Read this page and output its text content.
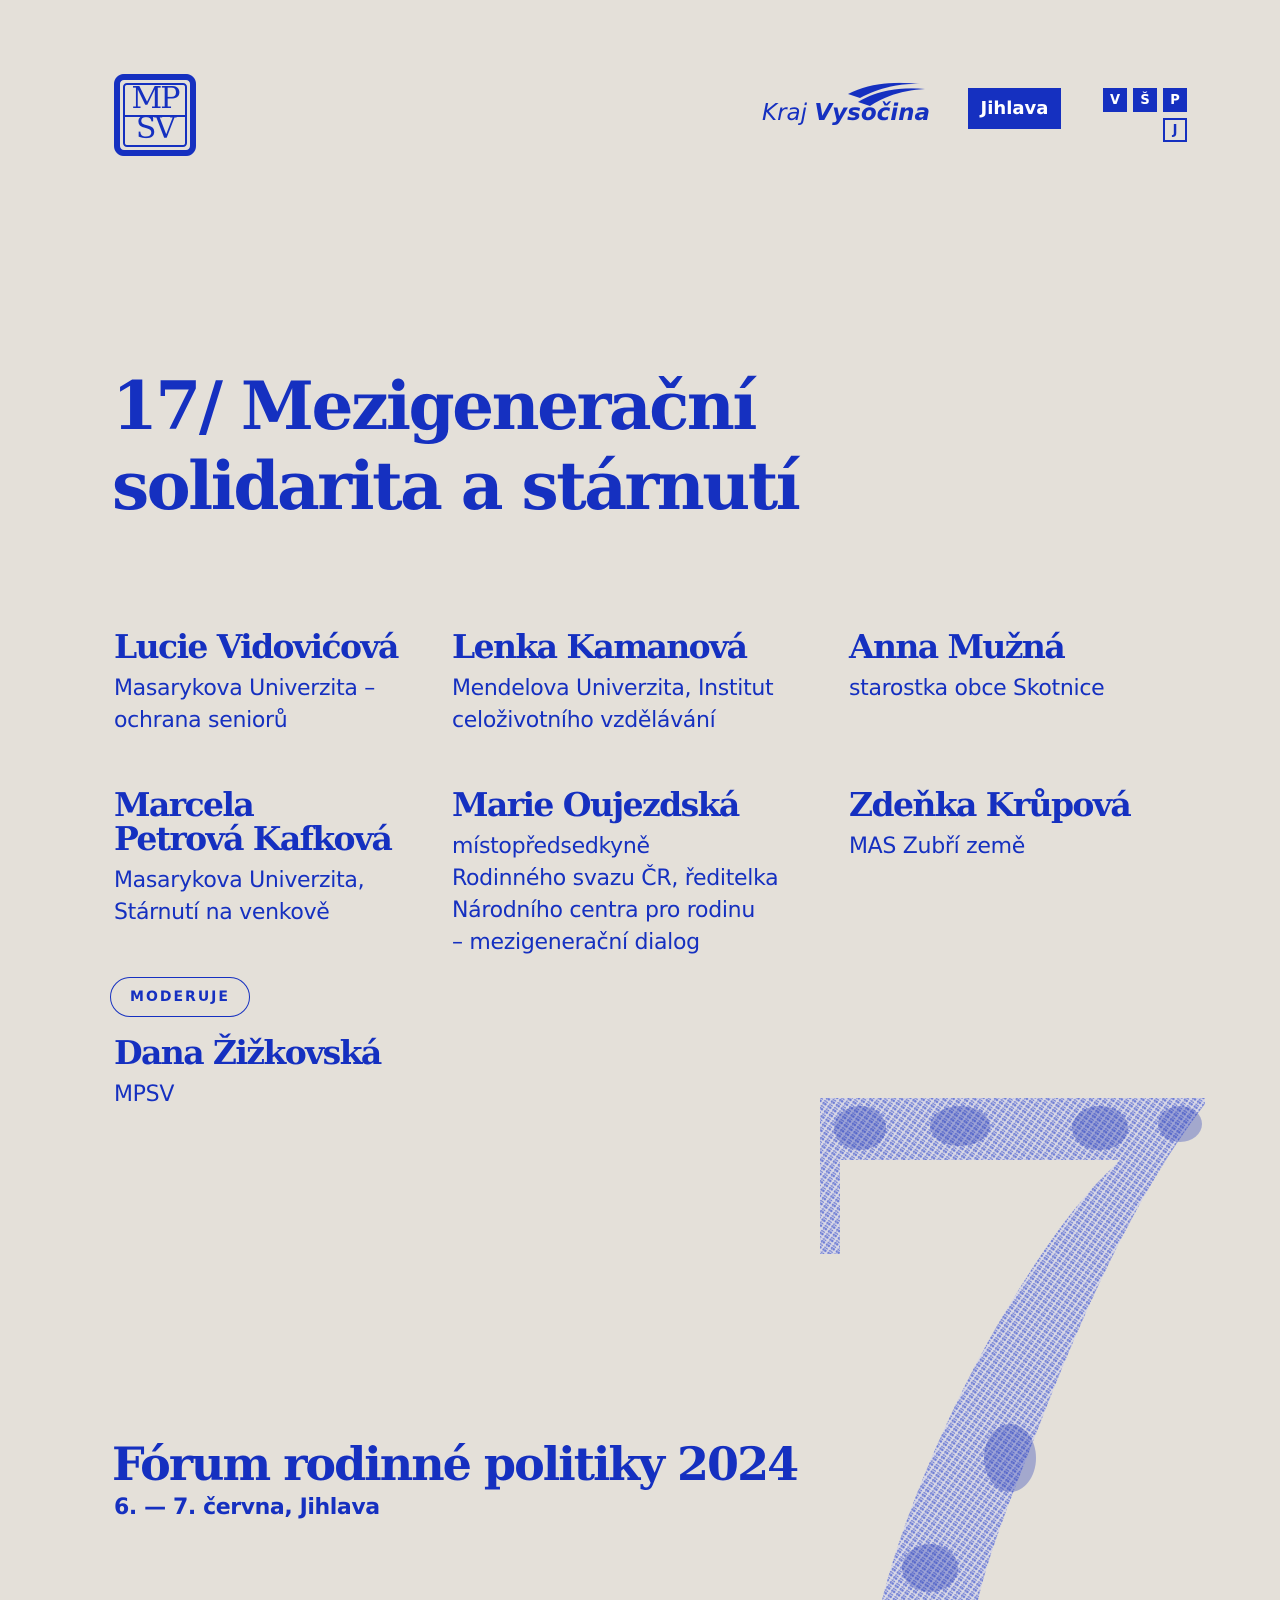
MP
SV	Kraj Vysočina	Jihlava	V	Š	P
J
17/ Mezigenerační
solidarita a stárnutí
Lucie Vidovićová
Masarykova Univerzita –
ochrana seniorů
Lenka Kamanová
Mendelova Univerzita, Institut
celoživotního vzdělávání
Anna Mužná
starostka obce Skotnice
Marcela
Petrová Kafková
Masarykova Univerzita,
Stárnutí na venkově
Marie Oujezdská
místopředsedkyně
Rodinného svazu ČR, ředitelka
Národního centra pro rodinu
– mezigenerační dialog
Zdeňka Krůpová
MAS Zubří země
MODERUJE
Dana Žižkovská
MPSV
Fórum rodinné politiky 2024
6. — 7. června, Jihlava
